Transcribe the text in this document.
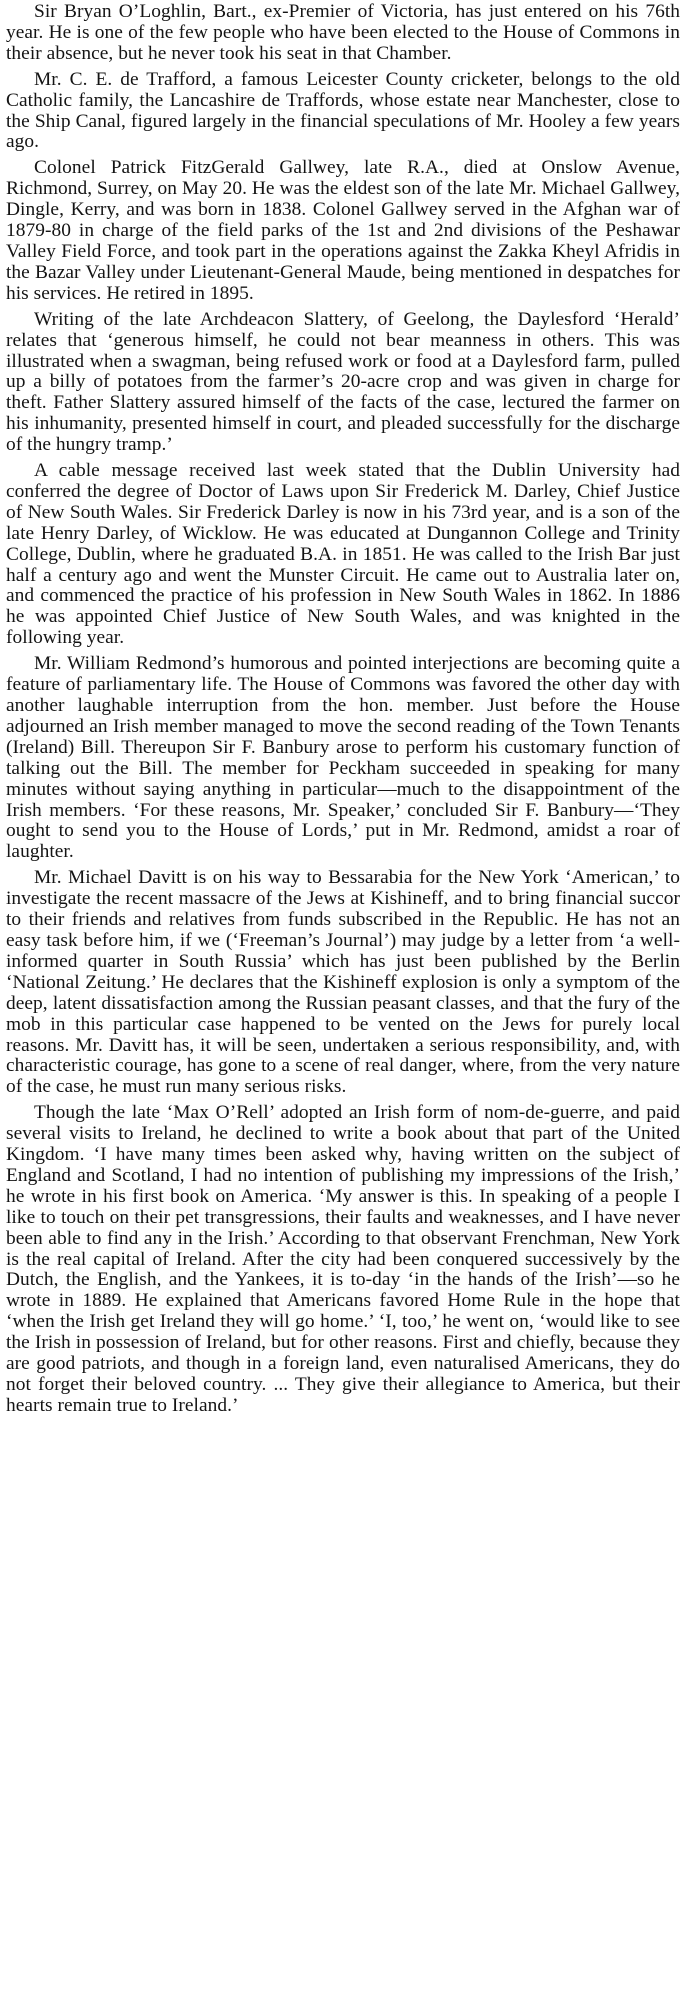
Sir Bryan O’Loghlin, Bart., ex-Premier of Victoria, has just entered on his 76th year. He is one of the few people who have been elected to the House of Commons in their absence, but he never took his seat in that Chamber.

Mr. C. E. de Trafford, a famous Leicester County cricketer, belongs to the old Catholic family, the Lancashire de Traffords, whose estate near Manchester, close to the Ship Canal, figured largely in the financial speculations of Mr. Hooley a few years ago.

Colonel Patrick FitzGerald Gallwey, late R.A., died at Onslow Avenue, Richmond, Surrey, on May 20. He was the eldest son of the late Mr. Michael Gallwey, Dingle, Kerry, and was born in 1838. Colonel Gallwey served in the Afghan war of 1879-80 in charge of the field parks of the 1st and 2nd divisions of the Peshawar Valley Field Force, and took part in the operations against the Zakka Kheyl Afridis in the Bazar Valley under Lieutenant-General Maude, being mentioned in despatches for his services. He retired in 1895.

Writing of the late Archdeacon Slattery, of Geelong, the Daylesford ‘Herald’ relates that ‘generous himself, he could not bear meanness in others. This was illustrated when a swagman, being refused work or food at a Daylesford farm, pulled up a billy of potatoes from the farmer’s 20-acre crop and was given in charge for theft. Father Slattery assured himself of the facts of the case, lectured the farmer on his inhumanity, presented himself in court, and pleaded successfully for the discharge of the hungry tramp.’

A cable message received last week stated that the Dublin University had conferred the degree of Doctor of Laws upon Sir Frederick M. Darley, Chief Justice of New South Wales. Sir Frederick Darley is now in his 73rd year, and is a son of the late Henry Darley, of Wicklow. He was educated at Dungannon College and Trinity College, Dublin, where he graduated B.A. in 1851. He was called to the Irish Bar just half a century ago and went the Munster Circuit. He came out to Australia later on, and commenced the practice of his profession in New South Wales in 1862. In 1886 he was appointed Chief Justice of New South Wales, and was knighted in the following year.

Mr. William Redmond’s humorous and pointed interjections are becoming quite a feature of parliamentary life. The House of Commons was favored the other day with another laughable interruption from the hon. member. Just before the House adjourned an Irish member managed to move the second reading of the Town Tenants (Ireland) Bill. Thereupon Sir F. Banbury arose to perform his customary function of talking out the Bill. The member for Peckham succeeded in speaking for many minutes without saying anything in particular—much to the disappointment of the Irish members. ‘For these reasons, Mr. Speaker,’ concluded Sir F. Banbury—‘They ought to send you to the House of Lords,’ put in Mr. Redmond, amidst a roar of laughter.

Mr. Michael Davitt is on his way to Bessarabia for the New York ‘American,’ to investigate the recent massacre of the Jews at Kishineff, and to bring financial succor to their friends and relatives from funds subscribed in the Republic. He has not an easy task before him, if we (‘Freeman’s Journal’) may judge by a letter from ‘a well-informed quarter in South Russia’ which has just been published by the Berlin ‘National Zeitung.’ He declares that the Kishineff explosion is only a symptom of the deep, latent dissatisfaction among the Russian peasant classes, and that the fury of the mob in this particular case happened to be vented on the Jews for purely local reasons. Mr. Davitt has, it will be seen, undertaken a serious responsibility, and, with characteristic courage, has gone to a scene of real danger, where, from the very nature of the case, he must run many serious risks.

Though the late ‘Max O’Rell’ adopted an Irish form of nom-de-guerre, and paid several visits to Ireland, he declined to write a book about that part of the United Kingdom. ‘I have many times been asked why, having written on the subject of England and Scotland, I had no intention of publishing my impressions of the Irish,’ he wrote in his first book on America. ‘My answer is this. In speaking of a people I like to touch on their pet transgressions, their faults and weaknesses, and I have never been able to find any in the Irish.’ According to that observant Frenchman, New York is the real capital of Ireland. After the city had been conquered successively by the Dutch, the English, and the Yankees, it is to-day ‘in the hands of the Irish’—so he wrote in 1889. He explained that Americans favored Home Rule in the hope that ‘when the Irish get Ireland they will go home.’ ‘I, too,’ he went on, ‘would like to see the Irish in possession of Ireland, but for other reasons. First and chiefly, because they are good patriots, and though in a foreign land, even naturalised Americans, they do not forget their beloved country. ... They give their allegiance to America, but their hearts remain true to Ireland.’
